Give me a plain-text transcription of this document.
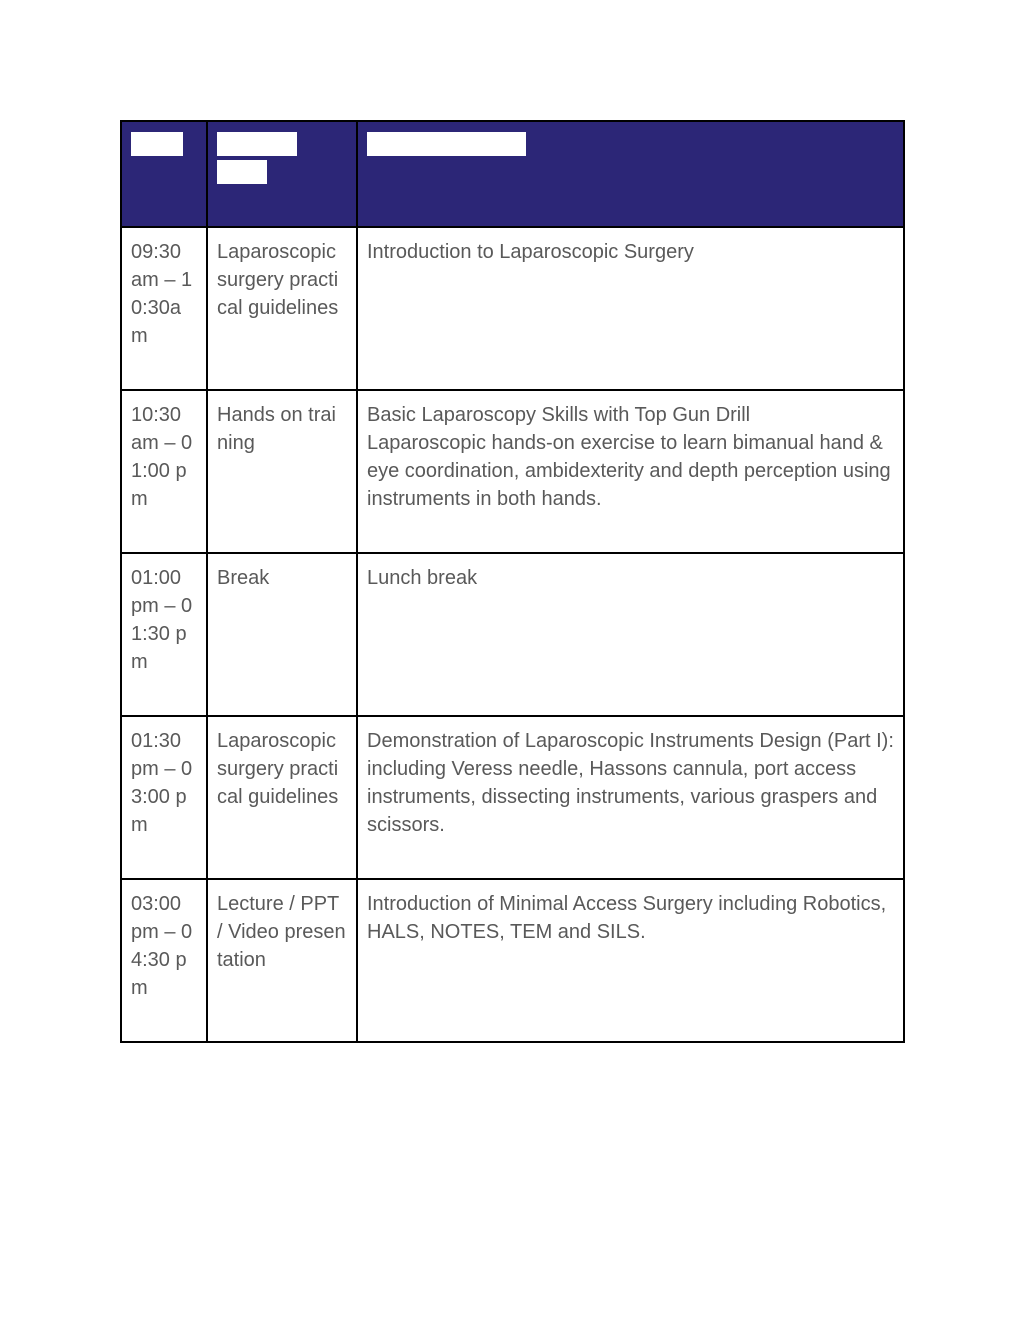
09:30 am – 10:30am	Laparoscopic surgery practical guidelines	Introduction to Laparoscopic Surgery

10:30 am – 01:00 pm	Hands on training	Basic Laparoscopy Skills with Top Gun Drill
Laparoscopic hands-on exercise to learn bimanual hand & eye coordination, ambidexterity and depth perception using instruments in both hands.

01:00 pm – 01:30 pm	Break	Lunch break

01:30 pm – 03:00 pm	Laparoscopic surgery practical guidelines	Demonstration of Laparoscopic Instruments Design (Part I): including Veress needle, Hassons cannula, port access instruments, dissecting instruments, various graspers and scissors.

03:00 pm – 04:30 pm	Lecture / PPT / Video presentation	Introduction of Minimal Access Surgery including Robotics, HALS, NOTES, TEM and SILS.
